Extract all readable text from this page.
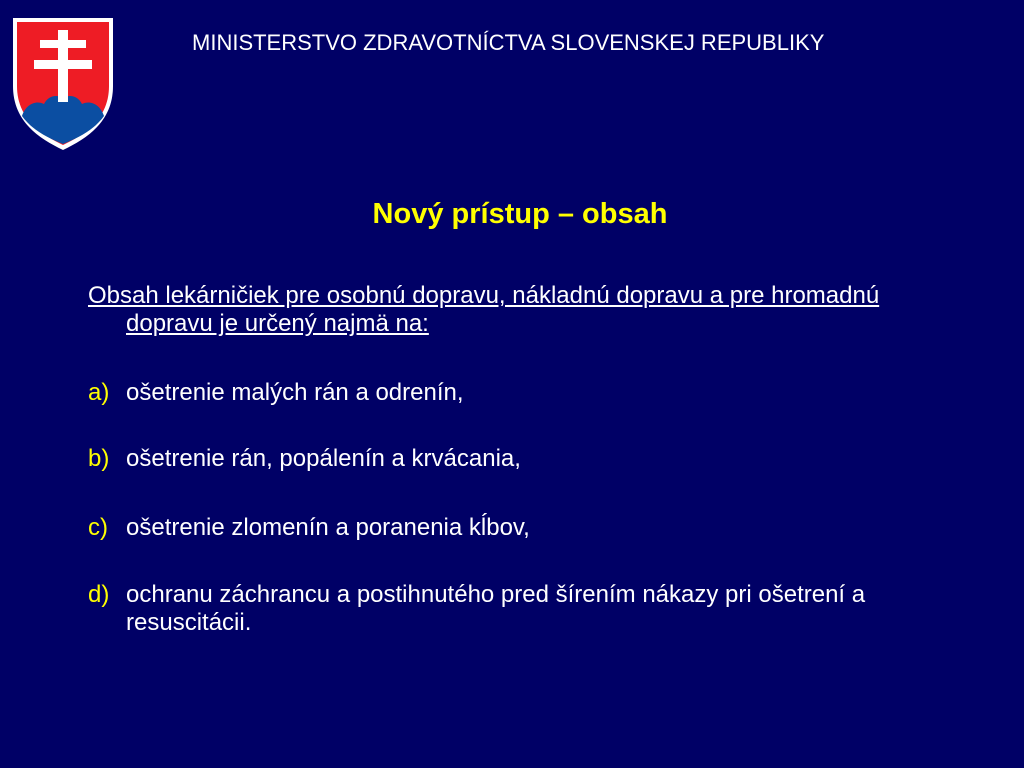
MINISTERSTVO ZDRAVOTNÍCTVA SLOVENSKEJ REPUBLIKY
Nový prístup – obsah
Obsah lekárničiek pre osobnú dopravu, nákladnú dopravu a pre hromadnú dopravu je určený najmä na:
a) ošetrenie malých rán a odrenín,
b) ošetrenie rán, popálenín a krvácania,
c) ošetrenie zlomenín a poranenia kĺbov,
d) ochranu záchrancu a postihnutého pred šírením nákazy pri ošetrení a resuscitácii.
